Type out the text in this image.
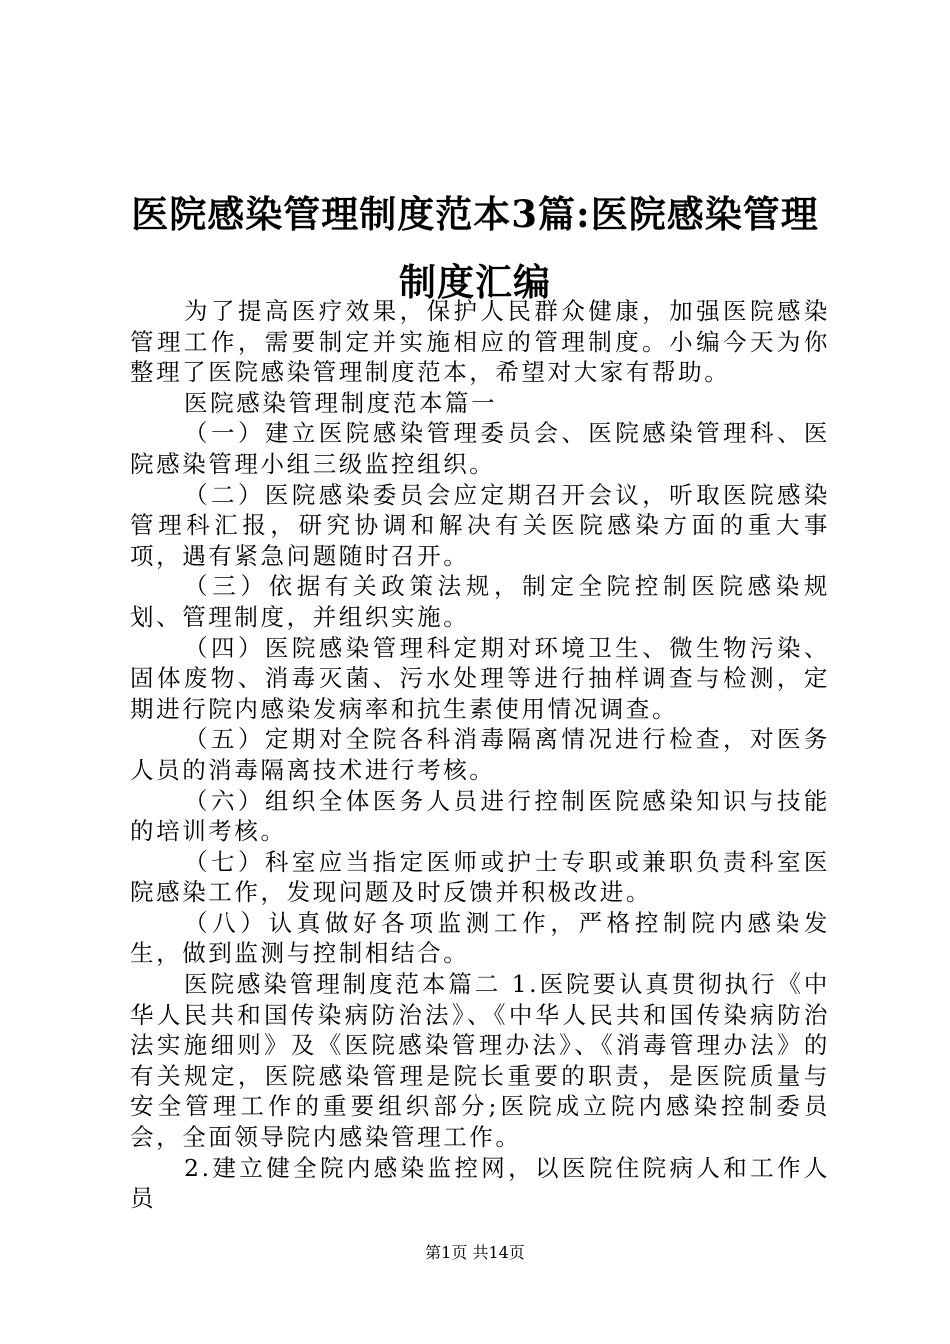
医院感染管理制度范本3篇:医院感染管理制度汇编

为了提高医疗效果，保护人民群众健康，加强医院感染管理工作，需要制定并实施相应的管理制度。小编今天为你整理了医院感染管理制度范本，希望对大家有帮助。

医院感染管理制度范本篇一

（一）建立医院感染管理委员会、医院感染管理科、医院感染管理小组三级监控组织。

（二）医院感染委员会应定期召开会议，听取医院感染管理科汇报，研究协调和解决有关医院感染方面的重大事项，遇有紧急问题随时召开。

（三）依据有关政策法规，制定全院控制医院感染规划、管理制度，并组织实施。

（四）医院感染管理科定期对环境卫生、微生物污染、固体废物、消毒灭菌、污水处理等进行抽样调查与检测，定期进行院内感染发病率和抗生素使用情况调查。

（五）定期对全院各科消毒隔离情况进行检查，对医务人员的消毒隔离技术进行考核。

（六）组织全体医务人员进行控制医院感染知识与技能的培训考核。

（七）科室应当指定医师或护士专职或兼职负责科室医院感染工作，发现问题及时反馈并积极改进。

（八）认真做好各项监测工作，严格控制院内感染发生，做到监测与控制相结合。

医院感染管理制度范本篇二 1.医院要认真贯彻执行《中华人民共和国传染病防治法》、《中华人民共和国传染病防治法实施细则》及《医院感染管理办法》、《消毒管理办法》的有关规定，医院感染管理是院长重要的职责，是医院质量与安全管理工作的重要组织部分;医院成立院内感染控制委员会，全面领导院内感染管理工作。

2.建立健全院内感染监控网，以医院住院病人和工作人员

第1页 共14页
